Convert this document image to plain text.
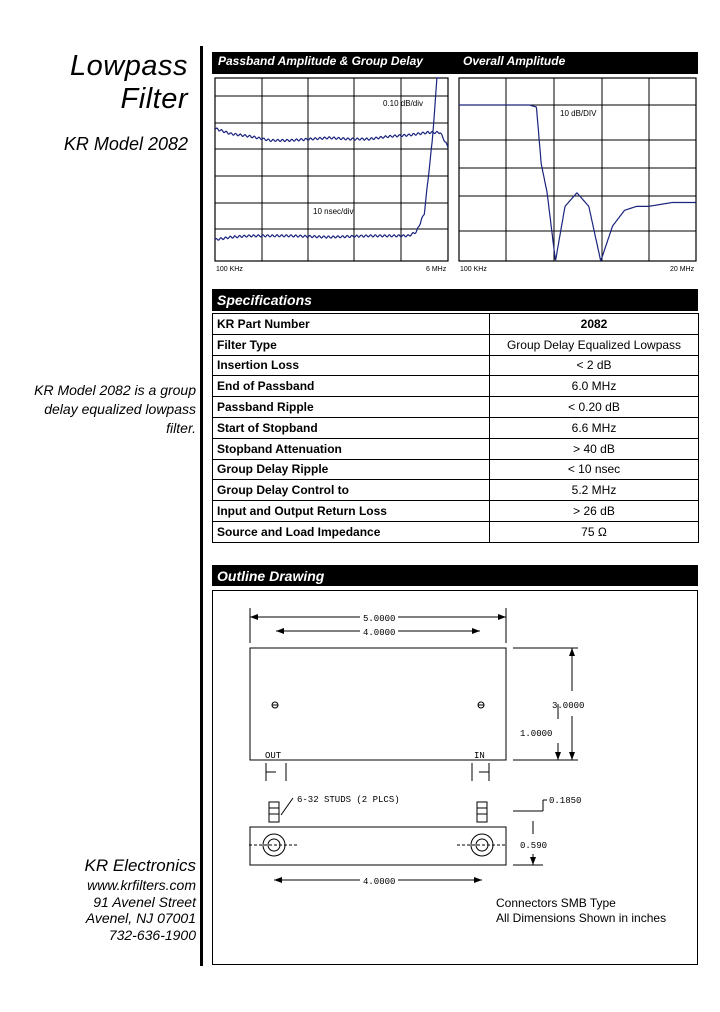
Lowpass
Filter
KR Model 2082
KR Model 2082 is a group delay equalized lowpass filter.
KR Electronics
www.krfilters.com
91 Avenel Street
Avenel, NJ 07001
732-636-1900
Passband Amplitude & Group Delay	Overall Amplitude
0.10 dB/div
10 nsec/div
100 KHz	6 MHz
10 dB/DIV
100 KHz	20 MHz
Specifications
KR Part Number	2082
Filter Type	Group Delay Equalized Lowpass
Insertion Loss	< 2 dB
End of Passband	6.0 MHz
Passband Ripple	< 0.20 dB
Start of Stopband	6.6 MHz
Stopband Attenuation	> 40 dB
Group Delay Ripple	< 10 nsec
Group Delay Control to	5.2 MHz
Input and Output Return Loss	> 26 dB
Source and Load Impedance	75 Ω
Outline Drawing
5.0000
4.0000
3.0000
1.0000
OUT	IN
6-32 STUDS (2 PLCS)	0.1850
0.590
4.0000
Connectors SMB Type
All Dimensions Shown in inches
